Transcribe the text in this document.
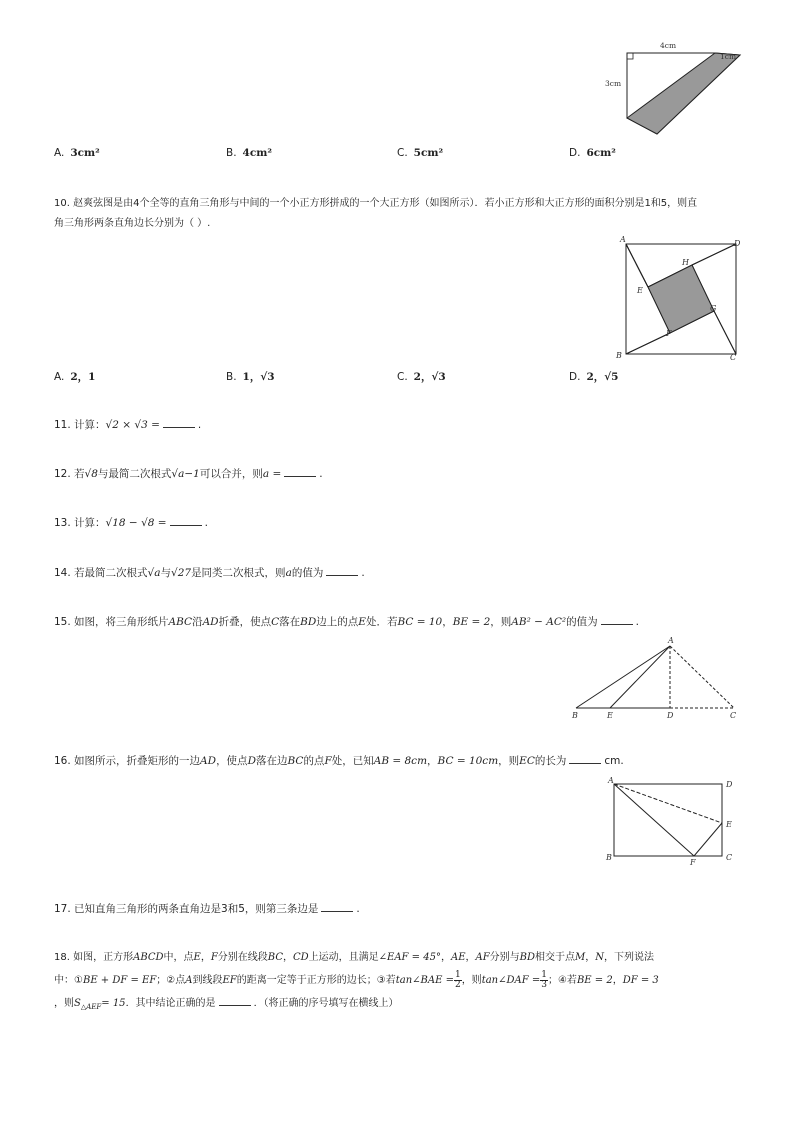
4cm
3cm
1cm
A. 3cm²	B. 4cm²	C. 5cm²	D. 6cm²
10. 赵爽弦图是由4个全等的直角三角形与中间的一个小正方形拼成的一个大正方形（如图所示）．若小正方形和大正方形的面积分别是1和5，则直
角三角形两条直角边长分别为（ ）.
A	D
H
E
G
F
B	C
A. 2，1	B. 1，√3	C. 2，√3	D. 2，√5
11. 计算：√2 × √3 =	.
12. 若√8与最简二次根式√a−1可以合并，则a =	.
13. 计算：√18 − √8 =	.
14. 若最简二次根式√a与√27是同类二次根式，则a的值为	.
15. 如图，将三角形纸片ABC沿AD折叠，使点C落在BD边上的点E处．若BC = 10，BE = 2，则AB² − AC²的值为	.
A
B	E	D	C
16. 如图所示，折叠矩形的一边AD，使点D落在边BC的点F处，已知AB = 8cm，BC = 10cm，则EC的长为	cm.
A	D
E
B
F
C
17. 已知直角三角形的两条直角边是3和5，则第三条边是	.
18. 如图，正方形ABCD中，点E，F分别在线段BC，CD上运动，且满足∠EAF = 45°，AE，AF分别与BD相交于点M，N，下列说法
中：①BE + DF = EF；②点A到线段EF的距离一定等于正方形的边长；③若tan∠BAE = $\frac{1}{2}$ ，则tan∠DAF = $\frac{1}{3}$ ；④若BE = 2，DF = 3
，则$S_{\triangle AEF}= 15$．其中结论正确的是	．（将正确的序号填写在横线上）
